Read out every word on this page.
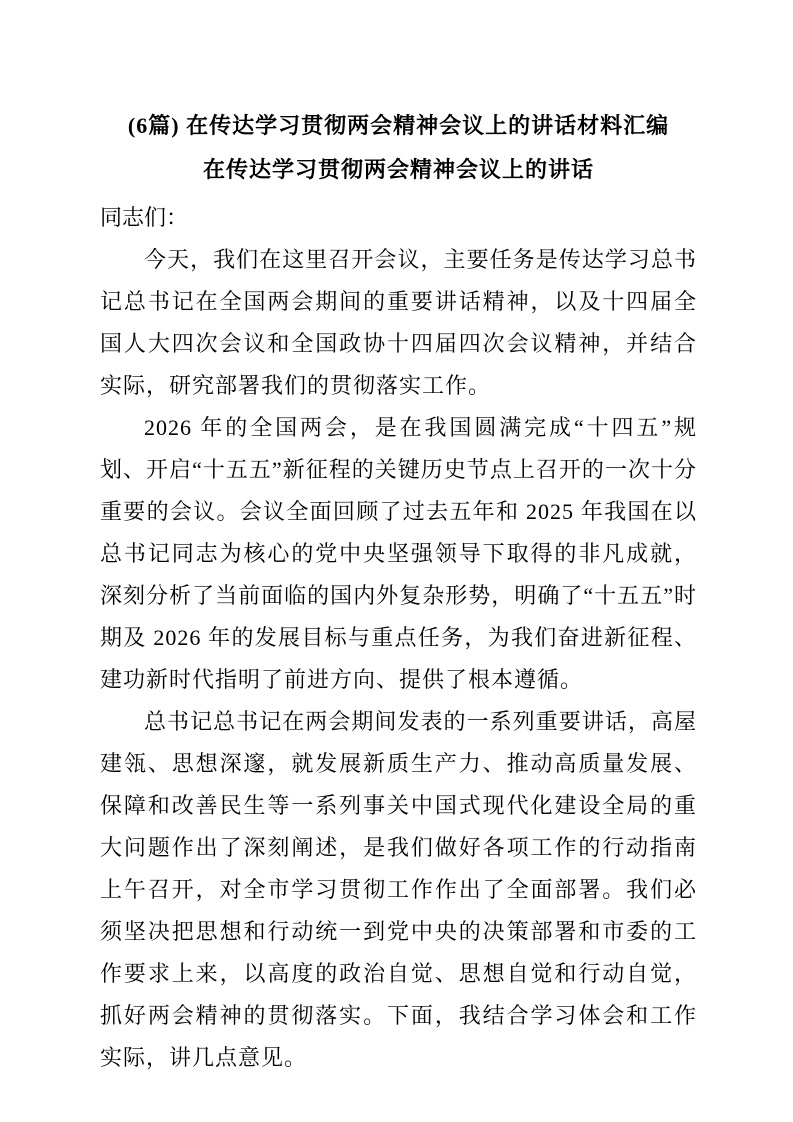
(6篇) 在传达学习贯彻两会精神会议上的讲话材料汇编
在传达学习贯彻两会精神会议上的讲话

同志们：

今天，我们在这里召开会议，主要任务是传达学习总书记总书记在全国两会期间的重要讲话精神，以及十四届全国人大四次会议和全国政协十四届四次会议精神，并结合实际，研究部署我们的贯彻落实工作。

2026 年的全国两会，是在我国圆满完成“十四五”规划、开启“十五五”新征程的关键历史节点上召开的一次十分重要的会议。会议全面回顾了过去五年和 2025 年我国在以总书记同志为核心的党中央坚强领导下取得的非凡成就，深刻分析了当前面临的国内外复杂形势，明确了“十五五”时期及 2026 年的发展目标与重点任务，为我们奋进新征程、建功新时代指明了前进方向、提供了根本遵循。

总书记总书记在两会期间发表的一系列重要讲话，高屋建瓴、思想深邃，就发展新质生产力、推动高质量发展、保障和改善民生等一系列事关中国式现代化建设全局的重大问题作出了深刻阐述，是我们做好各项工作的行动指南上午召开，对全市学习贯彻工作作出了全面部署。我们必须坚决把思想和行动统一到党中央的决策部署和市委的工作要求上来，以高度的政治自觉、思想自觉和行动自觉，抓好两会精神的贯彻落实。下面，我结合学习体会和工作实际，讲几点意见。
